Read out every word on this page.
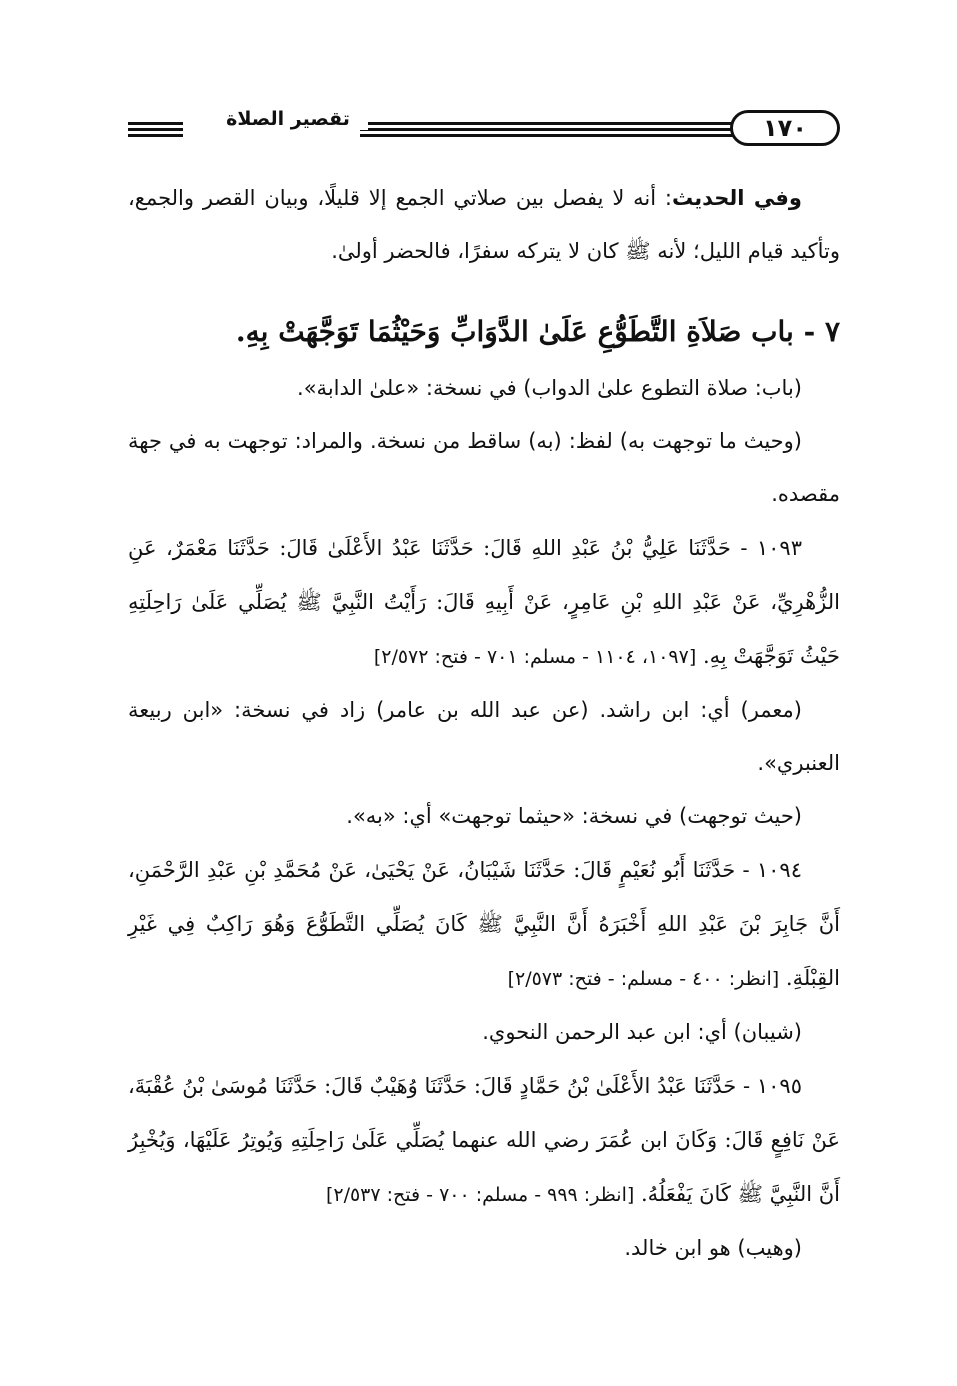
تقصير الصلاة	١٧٠

وفي الحديث: أنه لا يفصل بين صلاتي الجمع إلا قليلًا، وبيان القصر والجمع، وتأكيد قيام الليل؛ لأنه ﷺ كان لا يتركه سفرًا، فالحضر أولىٰ.

٧ - باب صَلاَةِ التَّطَوُّعِ عَلَىٰ الدَّوَابِّ وَحَيْثُمَا تَوَجَّهَتْ بِهِ.

(باب: صلاة التطوع علىٰ الدواب) في نسخة: «علىٰ الدابة».

(وحيث ما توجهت به) لفظ: (به) ساقط من نسخة. والمراد: توجهت به في جهة مقصده.

١٠٩٣ - حَدَّثَنَا عَلِيُّ بْنُ عَبْدِ اللهِ قَالَ: حَدَّثَنَا عَبْدُ الأَعْلَىٰ قَالَ: حَدَّثَنَا مَعْمَرٌ، عَنِ الزُّهْرِيِّ، عَنْ عَبْدِ اللهِ بْنِ عَامِرٍ، عَنْ أَبِيهِ قَالَ: رَأَيْتُ النَّبِيَّ ﷺ يُصَلِّي عَلَىٰ رَاحِلَتِهِ حَيْثُ تَوَجَّهَتْ بِهِ. [١٠٩٧، ١١٠٤ - مسلم: ٧٠١ - فتح: ٢/٥٧٢]

(معمر) أي: ابن راشد. (عن عبد الله بن عامر) زاد في نسخة: «ابن ربيعة العنبري».

(حيث توجهت) في نسخة: «حيثما توجهت» أي: «به».

١٠٩٤ - حَدَّثَنَا أَبُو نُعَيْمٍ قَالَ: حَدَّثَنَا شَيْبَانُ، عَنْ يَحْيَىٰ، عَنْ مُحَمَّدِ بْنِ عَبْدِ الرَّحْمَنِ، أَنَّ جَابِرَ بْنَ عَبْدِ اللهِ أَخْبَرَهُ أَنَّ النَّبِيَّ ﷺ كَانَ يُصَلِّي التَّطَوُّعَ وَهُوَ رَاكِبٌ فِي غَيْرِ القِبْلَةِ. [انظر: ٤٠٠ - مسلم: - فتح: ٢/٥٧٣]

(شيبان) أي: ابن عبد الرحمن النحوي.

١٠٩٥ - حَدَّثَنَا عَبْدُ الأَعْلَىٰ بْنُ حَمَّادٍ قَالَ: حَدَّثَنَا وُهَيْبٌ قَالَ: حَدَّثَنَا مُوسَىٰ بْنُ عُقْبَةَ، عَنْ نَافِعٍ قَالَ: وَكَانَ ابن عُمَرَ رضي الله عنهما يُصَلِّي عَلَىٰ رَاحِلَتِهِ وَيُوتِرُ عَلَيْهَا، وَيُخْبِرُ أَنَّ النَّبِيَّ ﷺ كَانَ يَفْعَلُهُ. [انظر: ٩٩٩ - مسلم: ٧٠٠ - فتح: ٢/٥٣٧]

(وهيب) هو ابن خالد.
